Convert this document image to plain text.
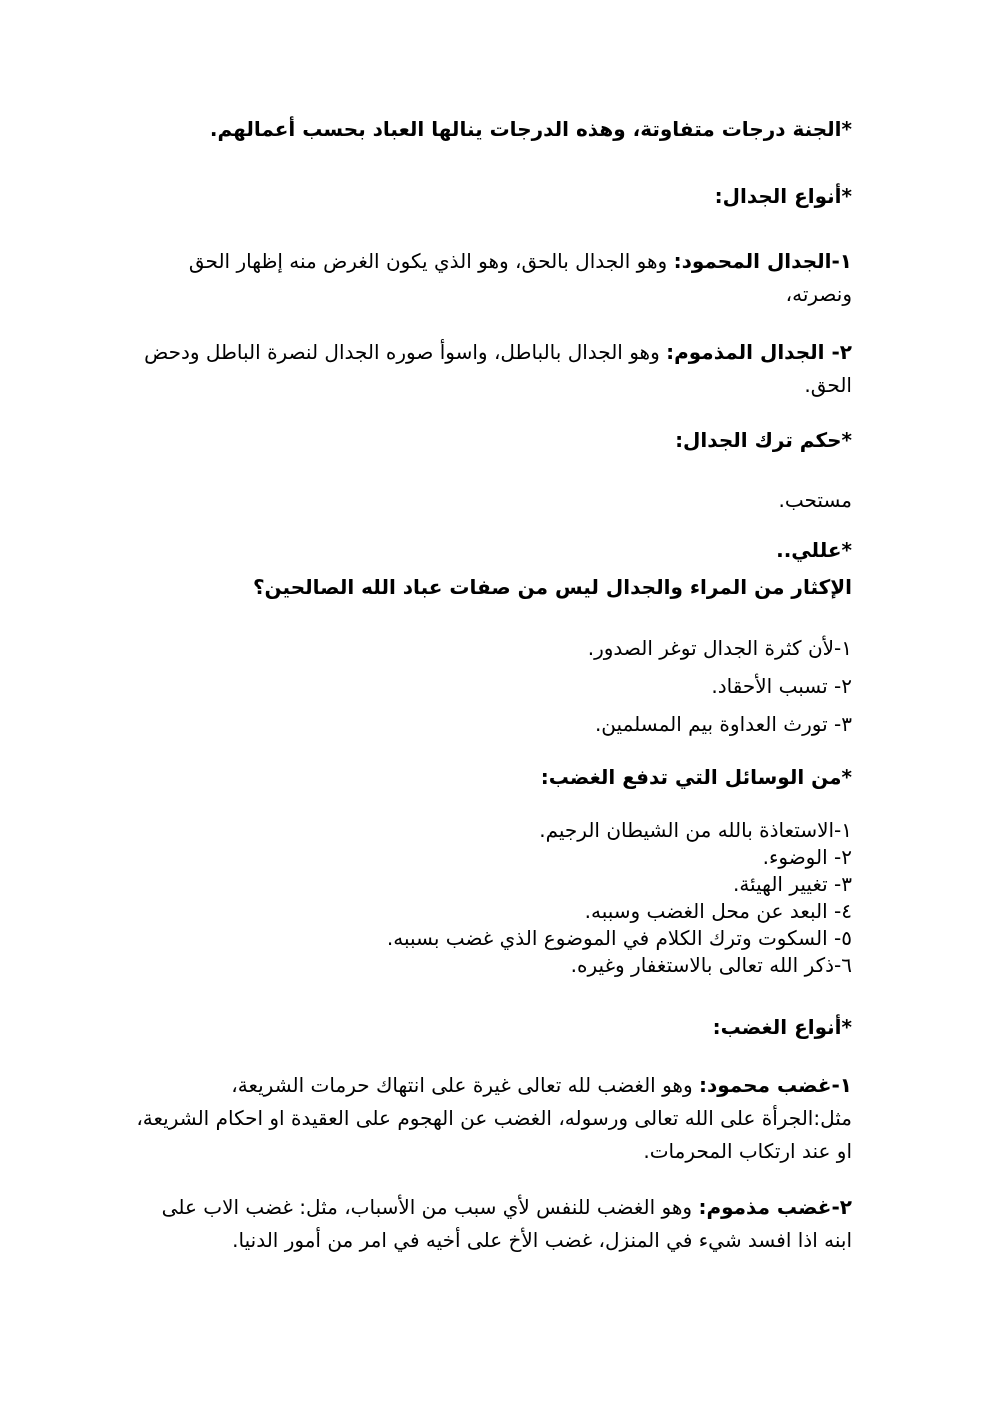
*الجنة درجات متفاوتة، وهذه الدرجات ينالها العباد بحسب أعمالهم.

*أنواع الجدال:

١-الجدال المحمود: وهو الجدال بالحق، وهو الذي يكون الغرض منه إظهار الحق ونصرته،

٢- الجدال المذموم: وهو الجدال بالباطل، واسوأ صوره الجدال لنصرة الباطل ودحض الحق.

*حكم ترك الجدال:

مستحب.

*عللي..
الإكثار من المراء والجدال ليس من صفات عباد الله الصالحين؟
١-لأن كثرة الجدال توغر الصدور.
٢- تسبب الأحقاد.
٣- تورث العداوة بيم المسلمين.

*من الوسائل التي تدفع الغضب:

١-الاستعاذة بالله من الشيطان الرجيم.
٢- الوضوء.
٣- تغيير الهيئة.
٤- البعد عن محل الغضب وسببه.
٥- السكوت وترك الكلام في الموضوع الذي غضب بسببه.
٦-ذكر الله تعالى بالاستغفار وغيره.

*أنواع الغضب:

١-غضب محمود: وهو الغضب لله تعالى غيرة على انتهاك حرمات الشريعة، مثل:الجرأة على الله تعالى ورسوله، الغضب عن الهجوم على العقيدة او احكام الشريعة، او عند ارتكاب المحرمات.

٢-غضب مذموم: وهو الغضب للنفس لأي سبب من الأسباب، مثل: غضب الاب على ابنه اذا افسد شيء في المنزل، غضب الأخ على أخيه في امر من أمور الدنيا.
